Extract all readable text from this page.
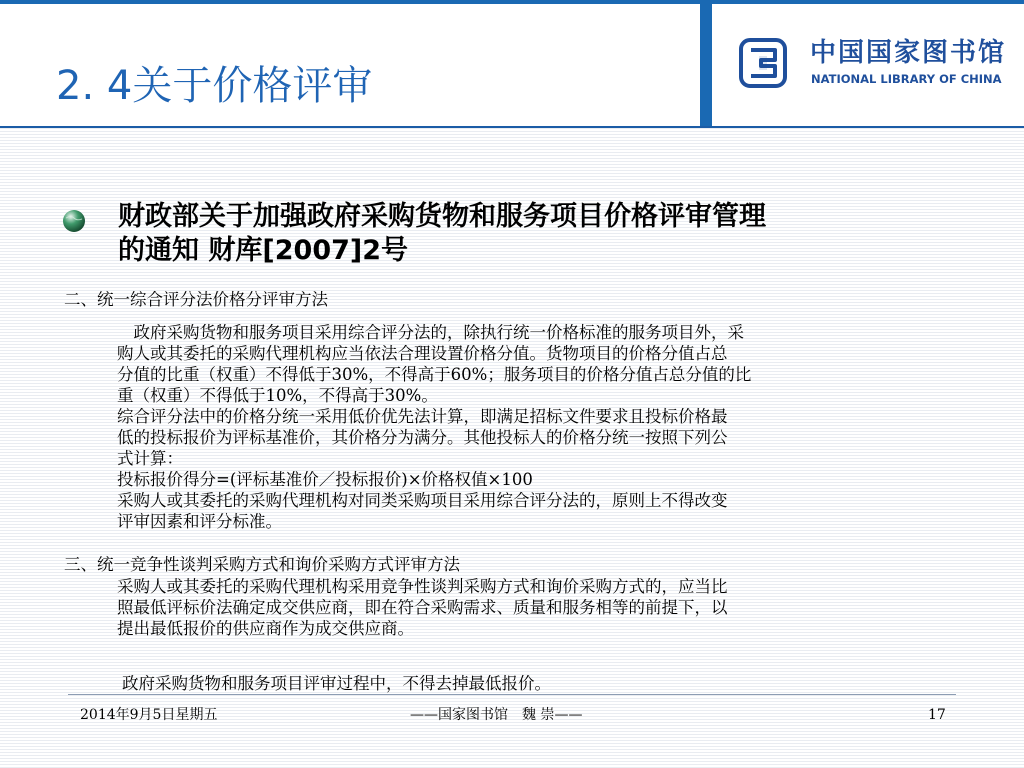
2. 4关于价格评审
中国国家图书馆
NATIONAL LIBRARY OF CHINA
财政部关于加强政府采购货物和服务项目价格评审管理
的通知 财库[2007]2号
二、统一综合评分法价格分评审方法
　政府采购货物和服务项目采用综合评分法的，除执行统一价格标准的服务项目外，采
购人或其委托的采购代理机构应当依法合理设置价格分值。货物项目的价格分值占总
分值的比重（权重）不得低于30%，不得高于60%；服务项目的价格分值占总分值的比
重（权重）不得低于10%，不得高于30%。
综合评分法中的价格分统一采用低价优先法计算，即满足招标文件要求且投标价格最
低的投标报价为评标基准价，其价格分为满分。其他投标人的价格分统一按照下列公
式计算：
投标报价得分=(评标基准价／投标报价)×价格权值×100
采购人或其委托的采购代理机构对同类采购项目采用综合评分法的，原则上不得改变
评审因素和评分标准。
三、统一竞争性谈判采购方式和询价采购方式评审方法
采购人或其委托的采购代理机构采用竞争性谈判采购方式和询价采购方式的，应当比
照最低评标价法确定成交供应商，即在符合采购需求、质量和服务相等的前提下，以
提出最低报价的供应商作为成交供应商。
政府采购货物和服务项目评审过程中，不得去掉最低报价。
2014年9月5日星期五	——国家图书馆　魏 崇——	17
